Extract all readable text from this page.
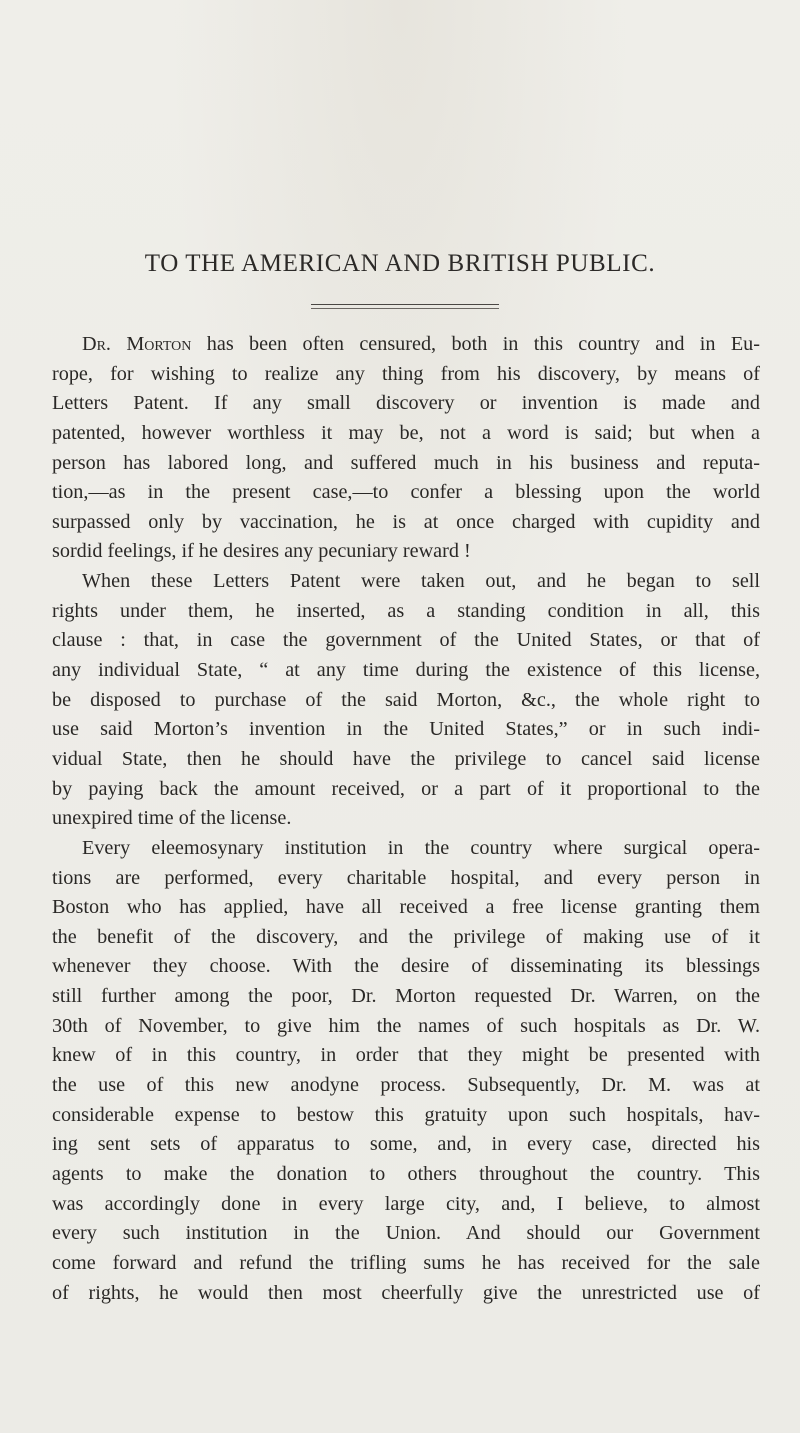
TO THE AMERICAN AND BRITISH PUBLIC.
Dr. Morton has been often censured, both in this country and in Eu-
rope, for wishing to realize any thing from his discovery, by means of
Letters Patent. If any small discovery or invention is made and
patented, however worthless it may be, not a word is said; but when a
person has labored long, and suffered much in his business and reputa-
tion,—as in the present case,—to confer a blessing upon the world
surpassed only by vaccination, he is at once charged with cupidity and
sordid feelings, if he desires any pecuniary reward !
When these Letters Patent were taken out, and he began to sell
rights under them, he inserted, as a standing condition in all, this
clause : that, in case the government of the United States, or that of
any individual State, “ at any time during the existence of this license,
be disposed to purchase of the said Morton, &c., the whole right to
use said Morton’s invention in the United States,” or in such indi-
vidual State, then he should have the privilege to cancel said license
by paying back the amount received, or a part of it proportional to the
unexpired time of the license.
Every eleemosynary institution in the country where surgical opera-
tions are performed, every charitable hospital, and every person in
Boston who has applied, have all received a free license granting them
the benefit of the discovery, and the privilege of making use of it
whenever they choose. With the desire of disseminating its blessings
still further among the poor, Dr. Morton requested Dr. Warren, on the
30th of November, to give him the names of such hospitals as Dr. W.
knew of in this country, in order that they might be presented with
the use of this new anodyne process. Subsequently, Dr. M. was at
considerable expense to bestow this gratuity upon such hospitals, hav-
ing sent sets of apparatus to some, and, in every case, directed his
agents to make the donation to others throughout the country. This
was accordingly done in every large city, and, I believe, to almost
every such institution in the Union. And should our Government
come forward and refund the trifling sums he has received for the sale
of rights, he would then most cheerfully give the unrestricted use of
